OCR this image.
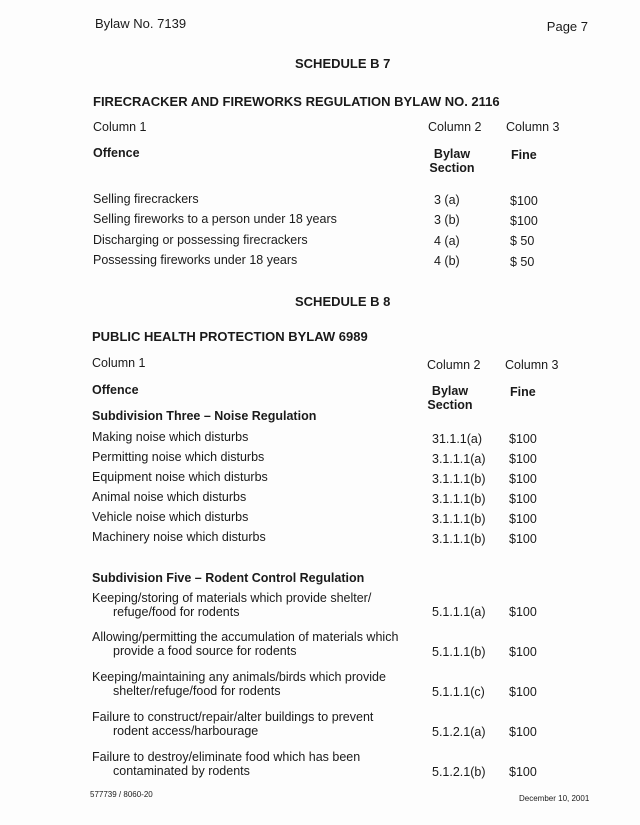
Bylaw No. 7139	Page 7
SCHEDULE B 7
FIRECRACKER AND FIREWORKS REGULATION BYLAW NO. 2116
Column 1	Column 2 Column 3
Offence	Bylaw
Section
Fine
Selling firecrackers	3 (a)	$100
Selling fireworks to a person under 18 years	3 (b)	$100
Discharging or possessing firecrackers	4 (a)	$ 50
Possessing fireworks under 18 years	4 (b)	$ 50
SCHEDULE B 8
PUBLIC HEALTH PROTECTION BYLAW 6989
Column 1	Column 2 Column 3
Offence	Bylaw
Section
Fine
Subdivision Three – Noise Regulation
Making noise which disturbs	31.1.1(a) $100
Permitting noise which disturbs	3.1.1.1(a) $100
Equipment noise which disturbs	3.1.1.1(b) $100
Animal noise which disturbs	3.1.1.1(b) $100
Vehicle noise which disturbs	3.1.1.1(b) $100
Machinery noise which disturbs	3.1.1.1(b) $100
Subdivision Five – Rodent Control Regulation
Keeping/storing of materials which provide shelter/
refuge/food for rodents	5.1.1.1(a) $100
Allowing/permitting the accumulation of materials which
provide a food source for rodents	5.1.1.1(b) $100
Keeping/maintaining any animals/birds which provide
shelter/refuge/food for rodents	5.1.1.1(c) $100
Failure to construct/repair/alter buildings to prevent
rodent access/harbourage	5.1.2.1(a) $100
Failure to destroy/eliminate food which has been
contaminated by rodents	5.1.2.1(b) $100
577739 / 8060-20	December 10, 2001
